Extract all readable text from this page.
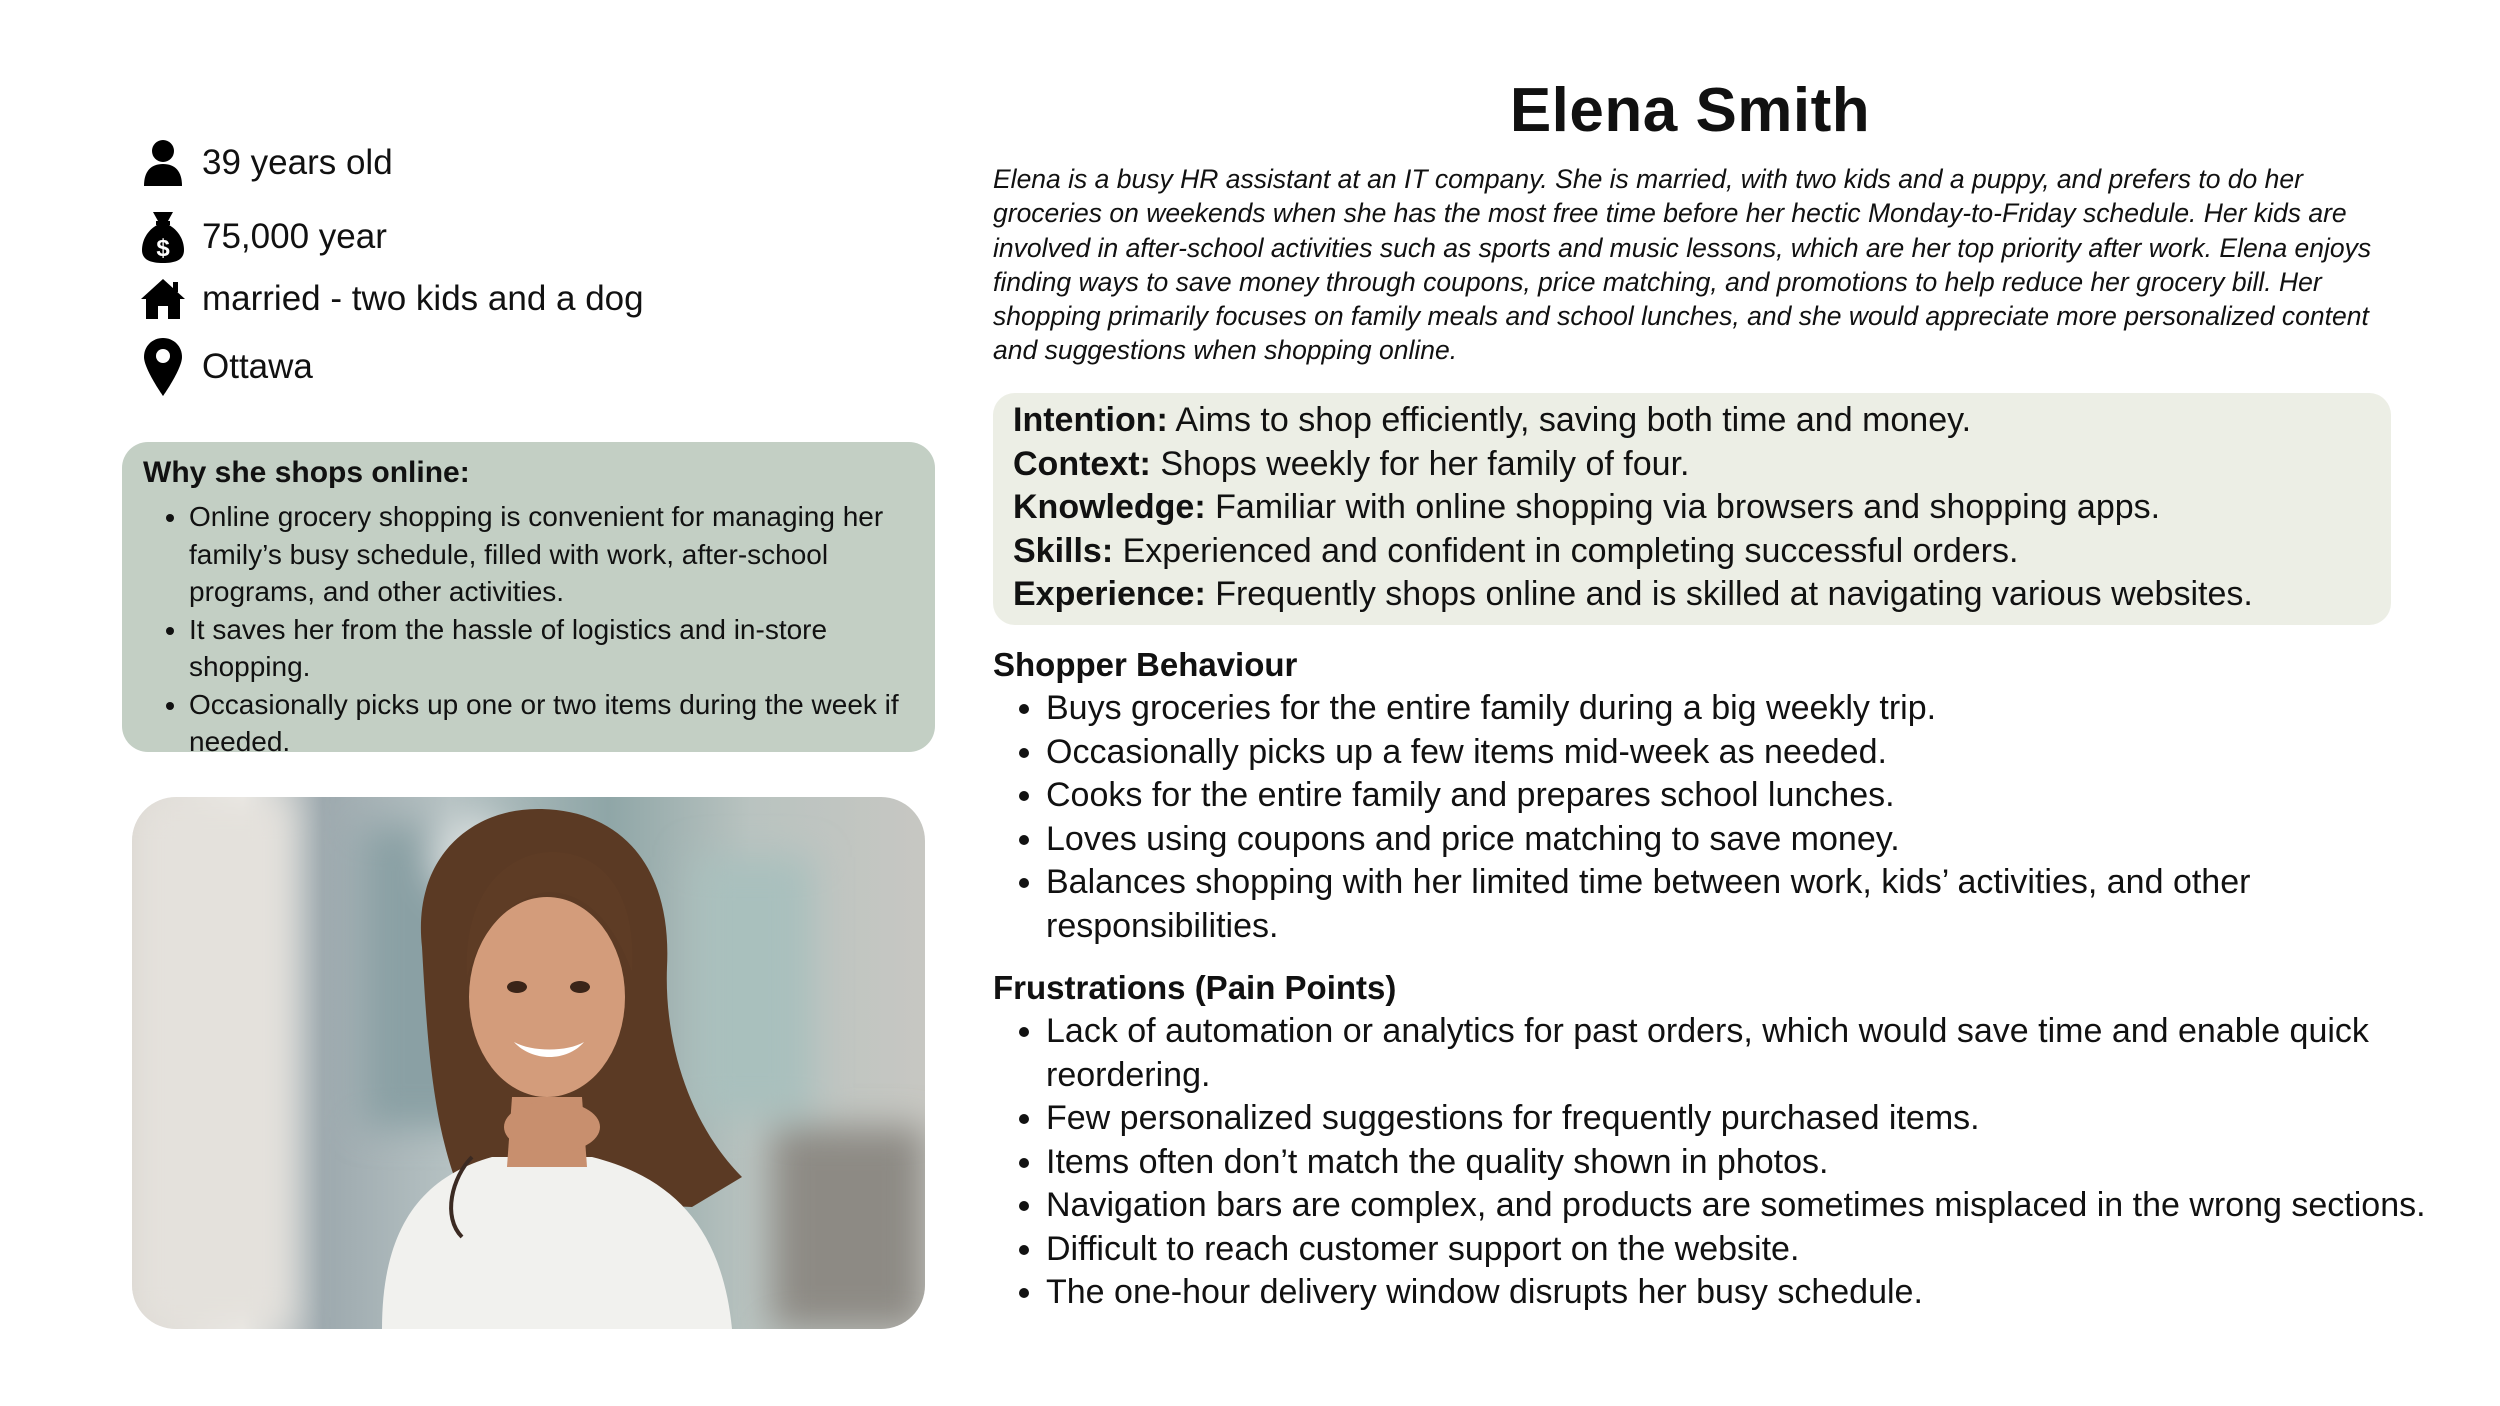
39 years old
$ 75,000 year
married - two kids and a dog
Ottawa
Why she shops online:
• Online grocery shopping is convenient for managing her family’s busy schedule, filled with work, after-school programs, and other activities.
• It saves her from the hassle of logistics and in-store shopping.
• Occasionally picks up one or two items during the week if needed.
Elena Smith
Elena is a busy HR assistant at an IT company. She is married, with two kids and a puppy, and prefers to do her groceries on weekends when she has the most free time before her hectic Monday-to-Friday schedule. Her kids are involved in after-school activities such as sports and music lessons, which are her top priority after work. Elena enjoys finding ways to save money through coupons, price matching, and promotions to help reduce her grocery bill. Her shopping primarily focuses on family meals and school lunches, and she would appreciate more personalized content and suggestions when shopping online.
Intention: Aims to shop efficiently, saving both time and money.
Context: Shops weekly for her family of four.
Knowledge: Familiar with online shopping via browsers and shopping apps.
Skills: Experienced and confident in completing successful orders.
Experience: Frequently shops online and is skilled at navigating various websites.
Shopper Behaviour
• Buys groceries for the entire family during a big weekly trip.
• Occasionally picks up a few items mid-week as needed.
• Cooks for the entire family and prepares school lunches.
• Loves using coupons and price matching to save money.
• Balances shopping with her limited time between work, kids’ activities, and other responsibilities.
Frustrations (Pain Points)
• Lack of automation or analytics for past orders, which would save time and enable quick reordering.
• Few personalized suggestions for frequently purchased items.
• Items often don’t match the quality shown in photos.
• Navigation bars are complex, and products are sometimes misplaced in the wrong sections.
• Difficult to reach customer support on the website.
• The one-hour delivery window disrupts her busy schedule.
